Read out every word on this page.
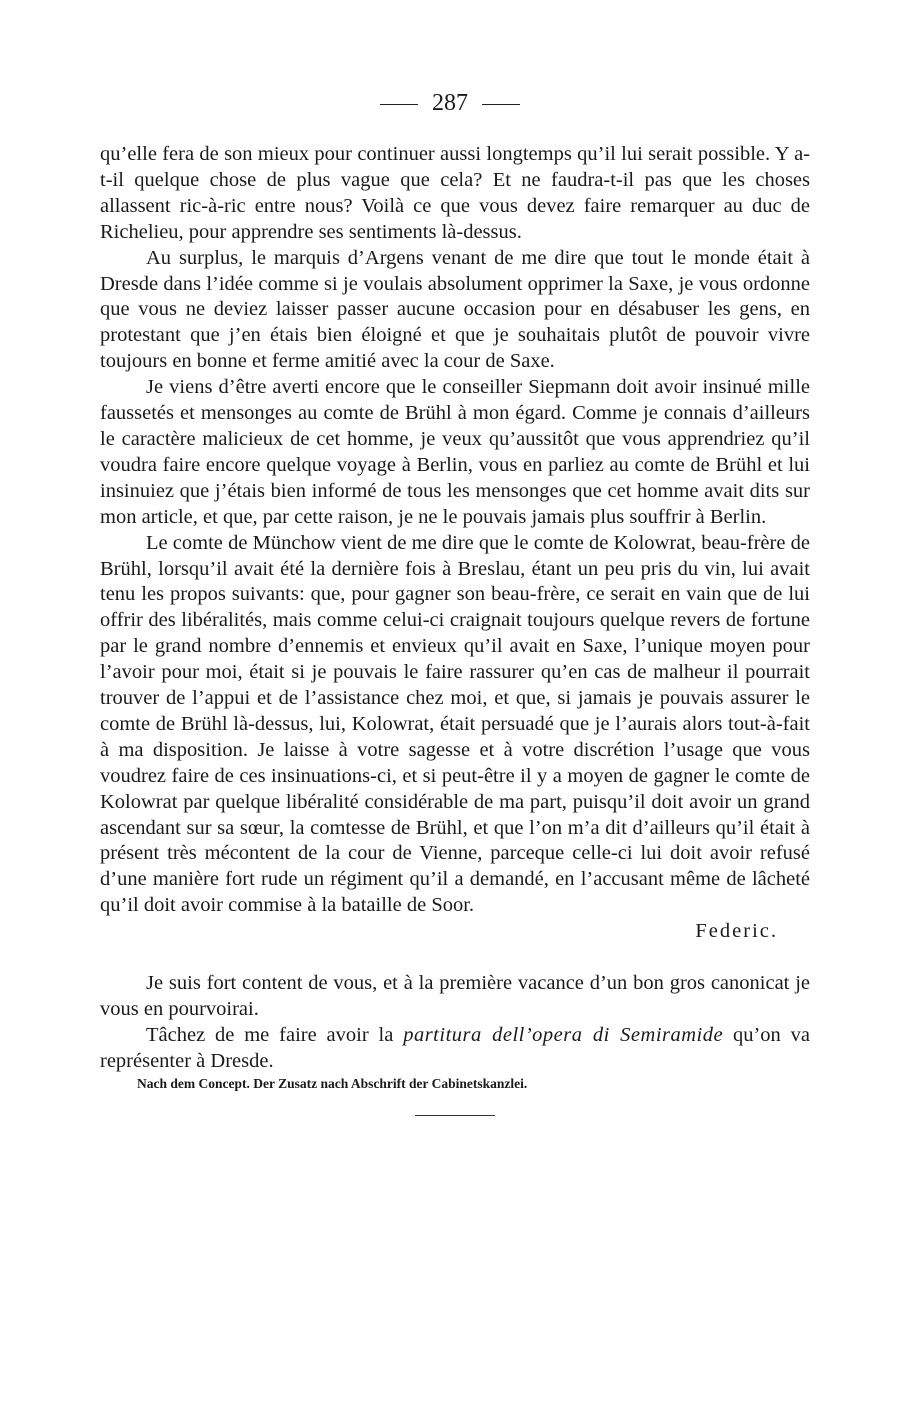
287

qu’elle fera de son mieux pour continuer aussi longtemps qu’il lui serait possible. Y a-t-il quelque chose de plus vague que cela? Et ne faudra-t-il pas que les choses allassent ric-à-ric entre nous? Voilà ce que vous devez faire remarquer au duc de Richelieu, pour apprendre ses sentiments là-dessus.

Au surplus, le marquis d’Argens venant de me dire que tout le monde était à Dresde dans l’idée comme si je voulais absolument opprimer la Saxe, je vous ordonne que vous ne deviez laisser passer aucune occasion pour en désabuser les gens, en protestant que j’en étais bien éloigné et que je souhaitais plutôt de pouvoir vivre toujours en bonne et ferme amitié avec la cour de Saxe.

Je viens d’être averti encore que le conseiller Siepmann doit avoir insinué mille faussetés et mensonges au comte de Brühl à mon égard. Comme je connais d’ailleurs le caractère malicieux de cet homme, je veux qu’aussitôt que vous apprendriez qu’il voudra faire encore quelque voyage à Berlin, vous en parliez au comte de Brühl et lui insinuiez que j’étais bien informé de tous les mensonges que cet homme avait dits sur mon article, et que, par cette raison, je ne le pouvais jamais plus souffrir à Berlin.

Le comte de Münchow vient de me dire que le comte de Kolowrat, beau-frère de Brühl, lorsqu’il avait été la dernière fois à Breslau, étant un peu pris du vin, lui avait tenu les propos suivants: que, pour gagner son beau-frère, ce serait en vain que de lui offrir des libéralités, mais comme celui-ci craignait toujours quelque revers de fortune par le grand nombre d’ennemis et envieux qu’il avait en Saxe, l’unique moyen pour l’avoir pour moi, était si je pouvais le faire rassurer qu’en cas de malheur il pourrait trouver de l’appui et de l’assistance chez moi, et que, si jamais je pouvais assurer le comte de Brühl là-dessus, lui, Kolowrat, était persuadé que je l’aurais alors tout-à-fait à ma disposition. Je laisse à votre sagesse et à votre discrétion l’usage que vous voudrez faire de ces insinuations-ci, et si peut-être il y a moyen de gagner le comte de Kolowrat par quelque libéralité considérable de ma part, puisqu’il doit avoir un grand ascendant sur sa sœur, la comtesse de Brühl, et que l’on m’a dit d’ailleurs qu’il était à présent très mécontent de la cour de Vienne, parceque celle-ci lui doit avoir refusé d’une manière fort rude un régiment qu’il a demandé, en l’accusant même de lâcheté qu’il doit avoir commise à la bataille de Soor.

Federic.

Je suis fort content de vous, et à la première vacance d’un bon gros canonicat je vous en pourvoirai.

Tâchez de me faire avoir la partitura dell’opera di Semiramide qu’on va représenter à Dresde.

Nach dem Concept. Der Zusatz nach Abschrift der Cabinetskanzlei.
